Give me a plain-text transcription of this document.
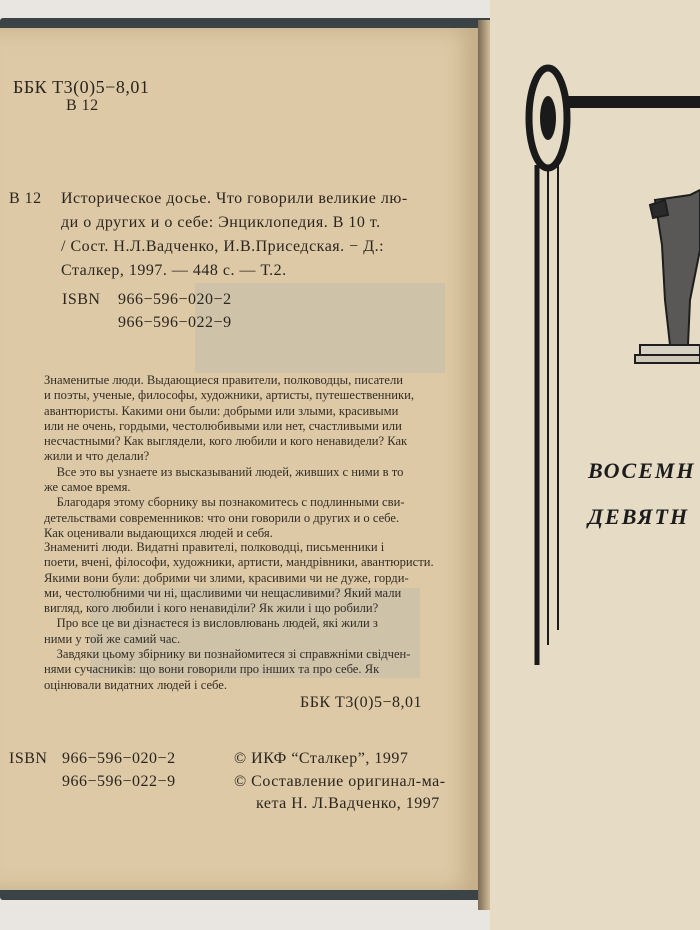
ББК Т3(0)5−8,01
В 12
В 12 Историческое досье. Что говорили великие лю-
ди о других и о себе: Энциклопедия. В 10 т.
/ Сост. Н.Л.Вадченко, И.В.Приседская. − Д.:
Сталкер, 1997. — 448 с. — Т.2.
ISBN 966−596−020−2
966−596−022−9
Знаменитые люди. Выдающиеся правители, полководцы, писатели
и поэты, ученые, философы, художники, артисты, путешественники,
авантюристы. Какими они были: добрыми или злыми, красивыми
или не очень, гордыми, честолюбивыми или нет, счастливыми или
несчастными? Как выглядели, кого любили и кого ненавидели? Как
жили и что делали?
Все это вы узнаете из высказываний людей, живших с ними в то
же самое время.
Благодаря этому сборнику вы познакомитесь с подлинными сви-
детельствами современников: что они говорили о других и о себе.
Как оценивали выдающихся людей и себя.
Знаменитi люди. Видатнi правителi, полководцi, письменники i
поети, вченi, фiлософи, художники, артисти, мандрiвники, авантюристи.
Якими вони були: добрими чи злими, красивими чи не дуже, горди-
ми, честолюбними чи нi, щасливими чи нещасливими? Який мали
вигляд, кого любили i кого ненавидiли? Як жили i що робили?
Про все це ви дiзнаєтеся iз висловлювань людей, якi жили з
ними у той же самий час.
Завдяки цьому збiрнику ви познайомитеся зi справжнiми свiдчен-
нями сучасникiв: що вони говорили про iнших та про себе. Як
оцiнювали видатних людей i себе.
ББК Т3(0)5−8,01
ISBN 966−596−020−2
966−596−022−9
© ИКФ “Сталкер”, 1997
© Составление оригинал-ма-
кета Н. Л.Вадченко, 1997
ВОСЕМН
ДЕВЯТН
